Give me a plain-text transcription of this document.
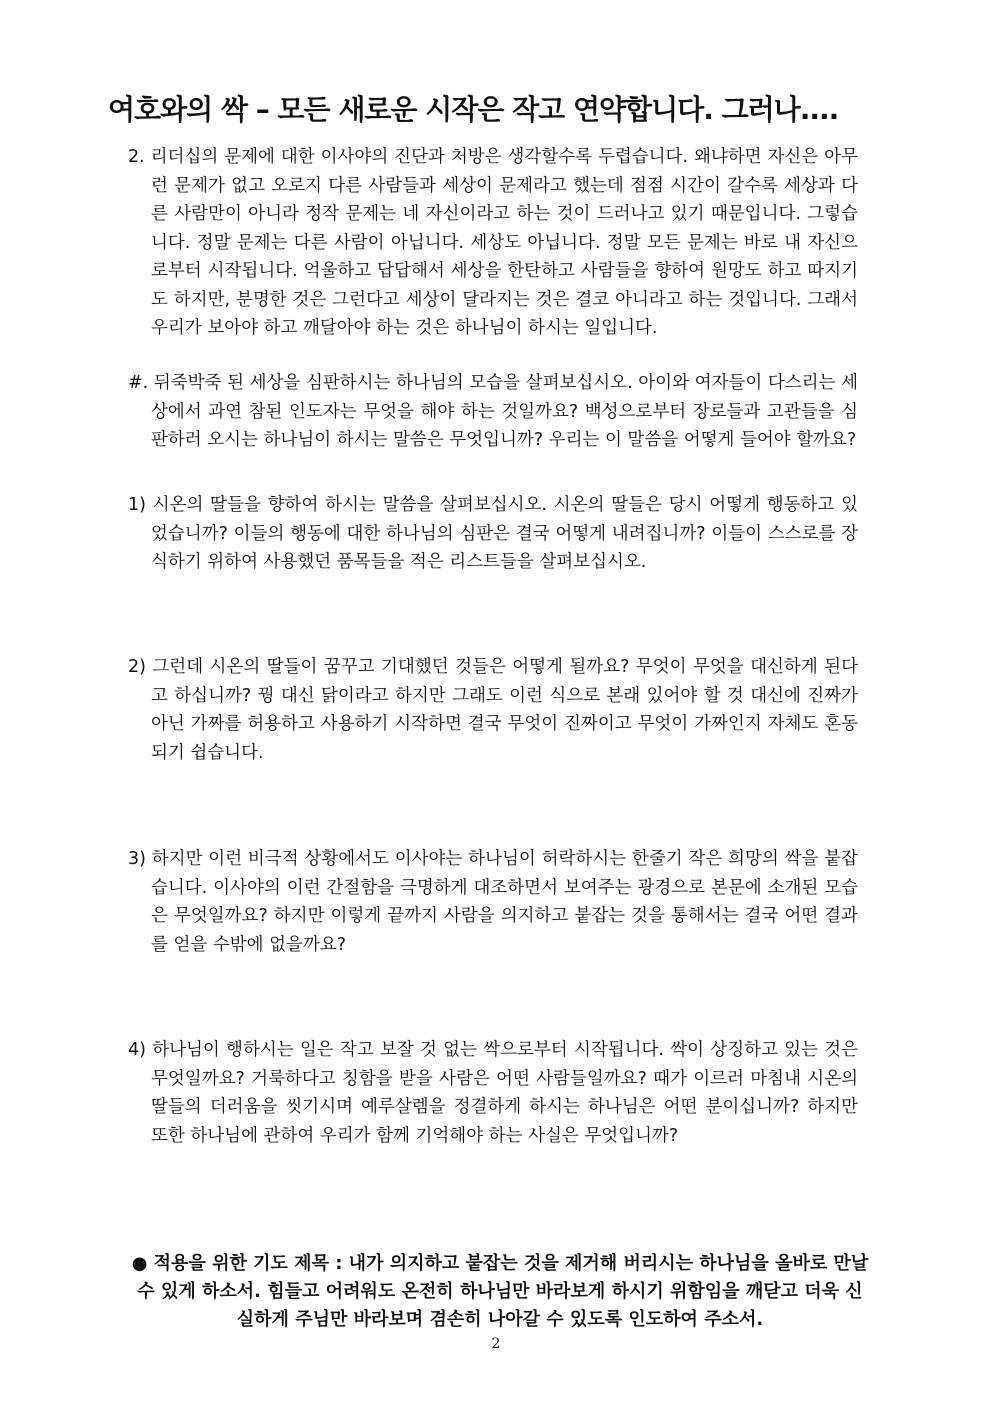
여호와의 싹 – 모든 새로운 시작은 작고 연약합니다. 그러나....
2. 리더십의 문제에 대한 이사야의 진단과 처방은 생각할수록 두렵습니다. 왜냐하면 자신은 아무런 문제가 없고 오로지 다른 사람들과 세상이 문제라고 했는데 점점 시간이 갈수록 세상과 다른 사람만이 아니라 정작 문제는 네 자신이라고 하는 것이 드러나고 있기 때문입니다. 그렇습니다. 정말 문제는 다른 사람이 아닙니다. 세상도 아닙니다. 정말 모든 문제는 바로 내 자신으로부터 시작됩니다. 억울하고 답답해서 세상을 한탄하고 사람들을 향하여 원망도 하고 따지기도 하지만, 분명한 것은 그런다고 세상이 달라지는 것은 결코 아니라고 하는 것입니다. 그래서 우리가 보아야 하고 깨달아야 하는 것은 하나님이 하시는 일입니다.
#. 뒤죽박죽 된 세상을 심판하시는 하나님의 모습을 살펴보십시오. 아이와 여자들이 다스리는 세상에서 과연 참된 인도자는 무엇을 해야 하는 것일까요? 백성으로부터 장로들과 고관들을 심판하러 오시는 하나님이 하시는 말씀은 무엇입니까? 우리는 이 말씀을 어떻게 들어야 할까요?
1) 시온의 딸들을 향하여 하시는 말씀을 살펴보십시오. 시온의 딸들은 당시 어떻게 행동하고 있었습니까? 이들의 행동에 대한 하나님의 심판은 결국 어떻게 내려집니까? 이들이 스스로를 장식하기 위하여 사용했던 품목들을 적은 리스트들을 살펴보십시오.
2) 그런데 시온의 딸들이 꿈꾸고 기대했던 것들은 어떻게 될까요? 무엇이 무엇을 대신하게 된다고 하십니까? 꿩 대신 닭이라고 하지만 그래도 이런 식으로 본래 있어야 할 것 대신에 진짜가 아닌 가짜를 허용하고 사용하기 시작하면 결국 무엇이 진짜이고 무엇이 가짜인지 자체도 혼동되기 쉽습니다.
3) 하지만 이런 비극적 상황에서도 이사야는 하나님이 허락하시는 한줄기 작은 희망의 싹을 붙잡습니다. 이사야의 이런 간절함을 극명하게 대조하면서 보여주는 광경으로 본문에 소개된 모습은 무엇일까요? 하지만 이렇게 끝까지 사람을 의지하고 붙잡는 것을 통해서는 결국 어떤 결과를 얻을 수밖에 없을까요?
4) 하나님이 행하시는 일은 작고 보잘 것 없는 싹으로부터 시작됩니다. 싹이 상징하고 있는 것은 무엇일까요? 거룩하다고 칭함을 받을 사람은 어떤 사람들일까요? 때가 이르러 마침내 시온의 딸들의 더러움을 씻기시며 예루살렘을 정결하게 하시는 하나님은 어떤 분이십니까? 하지만 또한 하나님에 관하여 우리가 함께 기억해야 하는 사실은 무엇입니까?
● 적용을 위한 기도 제목 : 내가 의지하고 붙잡는 것을 제거해 버리시는 하나님을 올바로 만날 수 있게 하소서. 힘들고 어려워도 온전히 하나님만 바라보게 하시기 위함임을 깨닫고 더욱 신실하게 주님만 바라보며 겸손히 나아갈 수 있도록 인도하여 주소서.
2
